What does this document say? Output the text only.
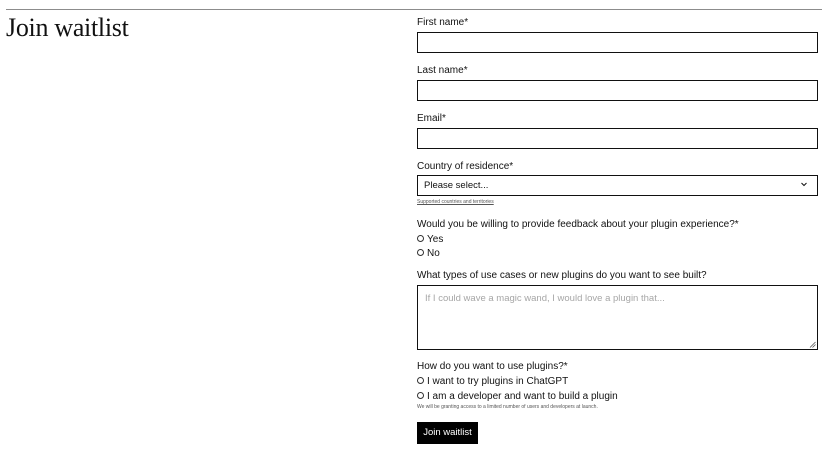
Join waitlist	First name*
Last name*
Email*
Country of residence*
Please select...
Supported countries and territories
Would you be willing to provide feedback about your plugin experience?*
Yes
No
What types of use cases or new plugins do you want to see built?
If I could wave a magic wand, I would love a plugin that...
How do you want to use plugins?*
I want to try plugins in ChatGPT
I am a developer and want to build a plugin
We will be granting access to a limited number of users and developers at launch.
Join waitlist
